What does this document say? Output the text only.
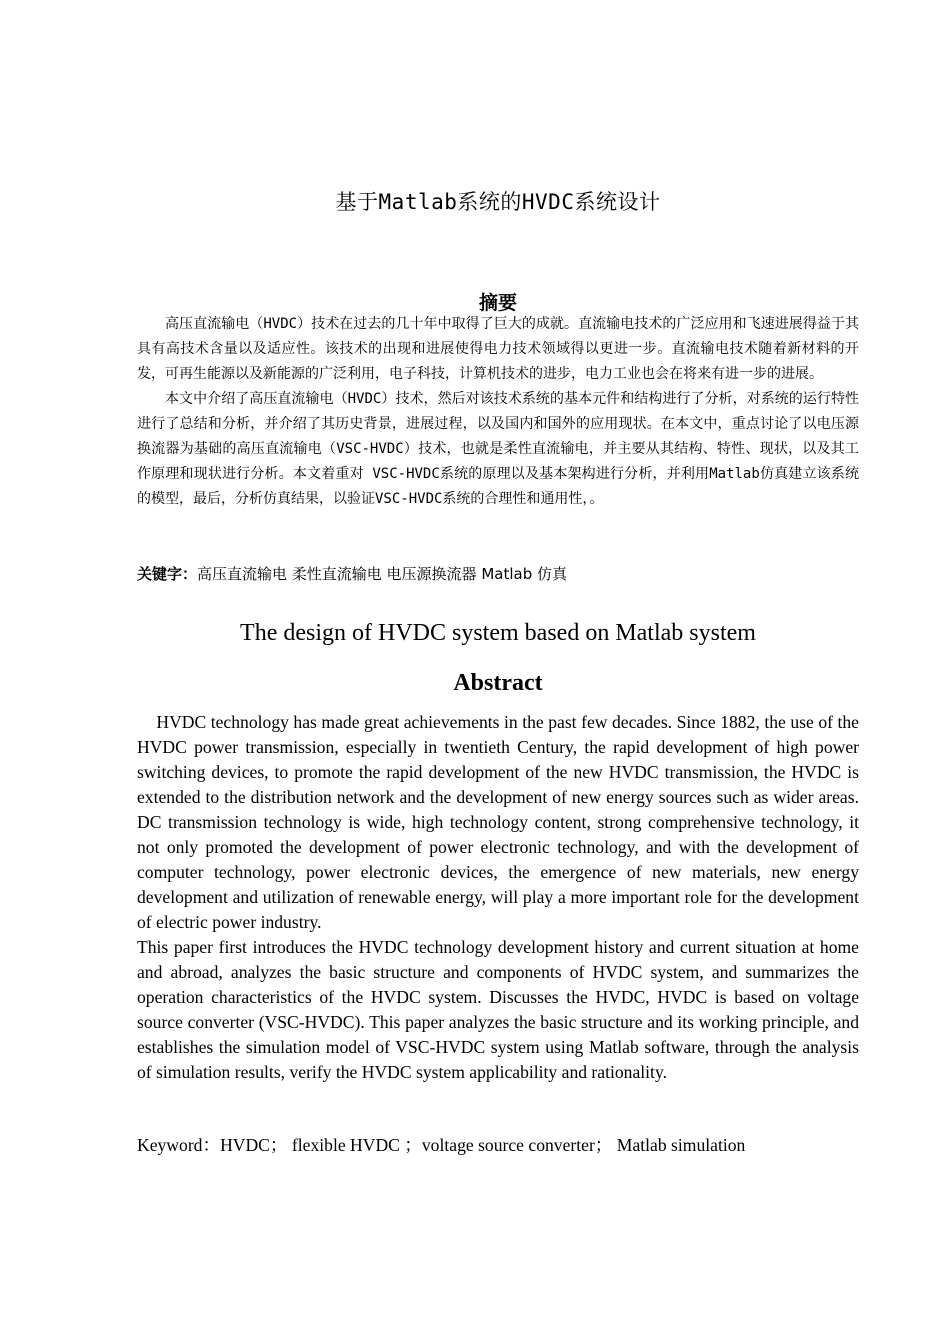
基于Matlab系统的HVDC系统设计
摘要

高压直流输电（HVDC）技术在过去的几十年中取得了巨大的成就。直流输电技术的广泛应用和飞速进展得益于其具有高技术含量以及适应性。该技术的出现和进展使得电力技术领域得以更进一步。直流输电技术随着新材料的开发，可再生能源以及新能源的广泛利用，电子科技，计算机技术的进步，电力工业也会在将来有进一步的进展。

本文中介绍了高压直流输电（HVDC）技术，然后对该技术系统的基本元件和结构进行了分析，对系统的运行特性进行了总结和分析，并介绍了其历史背景，进展过程，以及国内和国外的应用现状。在本文中，重点讨论了以电压源换流器为基础的高压直流输电（VSC-HVDC）技术，也就是柔性直流输电，并主要从其结构、特性、现状，以及其工作原理和现状进行分析。本文着重对 VSC-HVDC系统的原理以及基本架构进行分析，并利用Matlab仿真建立该系统的模型，最后，分析仿真结果，以验证VSC-HVDC系统的合理性和通用性，。

关键字：高压直流输电 柔性直流输电 电压源换流器 Matlab 仿真
The design of HVDC system based on Matlab system
Abstract

HVDC technology has made great achievements in the past few decades. Since 1882, the use of the HVDC power transmission, especially in twentieth Century, the rapid development of high power switching devices, to promote the rapid development of the new HVDC transmission, the HVDC is extended to the distribution network and the development of new energy sources such as wider areas. DC transmission technology is wide, high technology content, strong comprehensive technology, it not only promoted the development of power electronic technology, and with the development of computer technology, power electronic devices, the emergence of new materials, new energy development and utilization of renewable energy, will play a more important role for the development of electric power industry.

This paper first introduces the HVDC technology development history and current situation at home and abroad, analyzes the basic structure and components of HVDC system, and summarizes the operation characteristics of the HVDC system. Discusses the HVDC, HVDC is based on voltage source converter (VSC-HVDC). This paper analyzes the basic structure and its working principle, and establishes the simulation model of VSC-HVDC system using Matlab software, through the analysis of simulation results, verify the HVDC system applicability and rationality.

Keyword：HVDC； flexible HVDC ；voltage source converter； Matlab simulation
